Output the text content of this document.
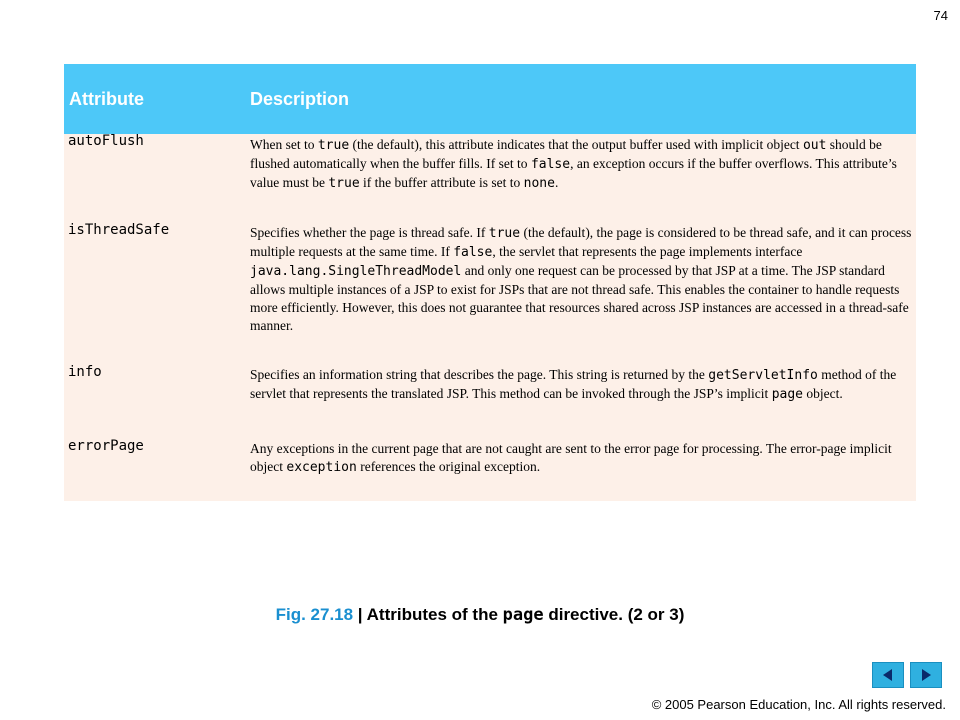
74
Attribute	Description

autoFlush	When set to true (the default), this attribute indicates that the output buffer used with implicit object out should be flushed automatically when the buffer fills. If set to false, an exception occurs if the buffer overflows. This attribute’s value must be true if the buffer attribute is set to none.

isThreadSafe	Specifies whether the page is thread safe. If true (the default), the page is considered to be thread safe, and it can process multiple requests at the same time. If false, the servlet that represents the page implements interface java.lang.SingleThreadModel and only one request can be processed by that JSP at a time. The JSP standard allows multiple instances of a JSP to exist for JSPs that are not thread safe. This enables the container to handle requests more efficiently. However, this does not guarantee that resources shared across JSP instances are accessed in a thread-safe manner.

info	Specifies an information string that describes the page. This string is returned by the getServletInfo method of the servlet that represents the translated JSP. This method can be invoked through the JSP’s implicit page object.

errorPage	Any exceptions in the current page that are not caught are sent to the error page for processing. The error-page implicit object exception references the original exception.
Fig. 27.18 | Attributes of the page directive. (2 or 3)
© 2005 Pearson Education, Inc. All rights reserved.
